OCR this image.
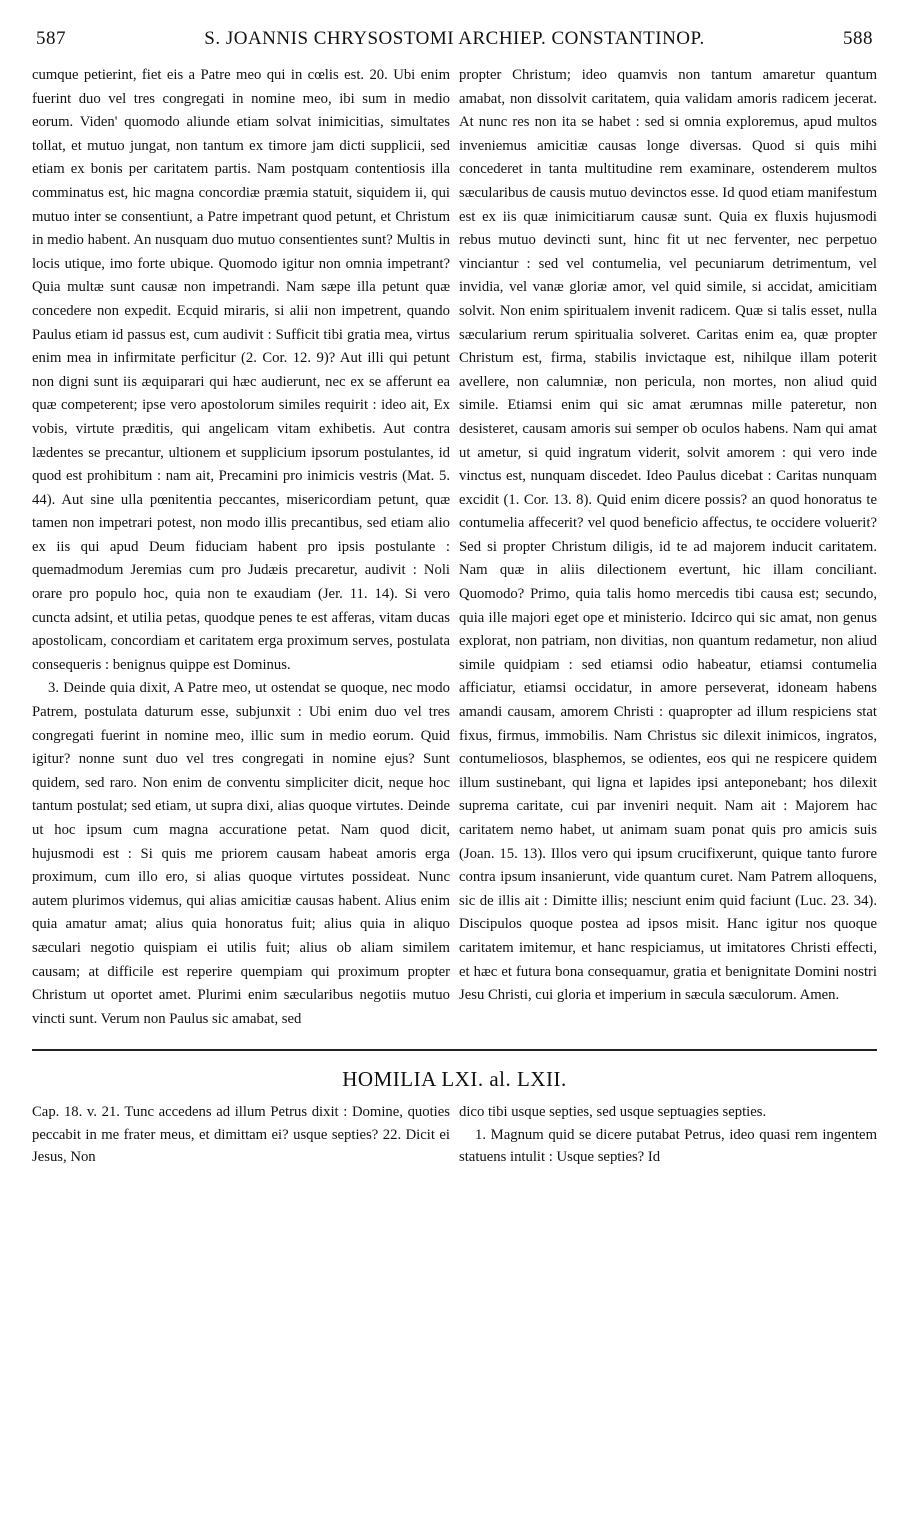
587	S. JOANNIS CHRYSOSTOMI ARCHIEP. CONSTANTINOP.	588

cumque petierint, fiet eis a Patre meo qui in cœlis est. 20. Ubi enim fuerint duo vel tres congregati in nomine meo, ibi sum in medio eorum. Viden' quomodo aliunde etiam solvat inimicitias, simultates tollat, et mutuo jungat, non tantum ex timore jam dicti supplicii, sed etiam ex bonis per caritatem partis. Nam postquam contentiosis illa comminatus est, hic magna concordiæ præmia statuit, siquidem ii, qui mutuo inter se consentiunt, a Patre impetrant quod petunt, et Christum in medio habent. An nusquam duo mutuo consentientes sunt? Multis in locis utique, imo forte ubique. Quomodo igitur non omnia impetrant? Quia multæ sunt causæ non impetrandi. Nam sæpe illa petunt quæ concedere non expedit. Ecquid miraris, si alii non impetrent, quando Paulus etiam id passus est, cum audivit : Sufficit tibi gratia mea, virtus enim mea in infirmitate perficitur (2. Cor. 12. 9)? Aut illi qui petunt non digni sunt iis æquiparari qui hæc audierunt, nec ex se afferunt ea quæ competerent; ipse vero apostolorum similes requirit : ideo ait, Ex vobis, virtute præditis, qui angelicam vitam exhibetis. Aut contra lædentes se precantur, ultionem et supplicium ipsorum postulantes, id quod est prohibitum : nam ait, Precamini pro inimicis vestris (Mat. 5. 44). Aut sine ulla pœnitentia peccantes, misericordiam petunt, quæ tamen non impetrari potest, non modo illis precantibus, sed etiam alio ex iis qui apud Deum fiduciam habent pro ipsis postulante : quemadmodum Jeremias cum pro Judæis precaretur, audivit : Noli orare pro populo hoc, quia non te exaudiam (Jer. 11. 14). Si vero cuncta adsint, et utilia petas, quodque penes te est afferas, vitam ducas apostolicam, concordiam et caritatem erga proximum serves, postulata consequeris : benignus quippe est Dominus.

3. Deinde quia dixit, A Patre meo, ut ostendat se quoque, nec modo Patrem, postulata daturum esse, subjunxit : Ubi enim duo vel tres congregati fuerint in nomine meo, illic sum in medio eorum. Quid igitur? nonne sunt duo vel tres congregati in nomine ejus? Sunt quidem, sed raro. Non enim de conventu simpliciter dicit, neque hoc tantum postulat; sed etiam, ut supra dixi, alias quoque virtutes. Deinde ut hoc ipsum cum magna accuratione petat. Nam quod dicit, hujusmodi est : Si quis me priorem causam habeat amoris erga proximum, cum illo ero, si alias quoque virtutes possideat. Nunc autem plurimos videmus, qui alias amicitiæ causas habent. Alius enim quia amatur amat; alius quia honoratus fuit; alius quia in aliquo sæculari negotio quispiam ei utilis fuit; alius ob aliam similem causam; at difficile est reperire quempiam qui proximum propter Christum ut oportet amet. Plurimi enim sæcularibus negotiis mutuo vincti sunt. Verum non Paulus sic amabat, sed

propter Christum; ideo quamvis non tantum amaretur quantum amabat, non dissolvit caritatem, quia validam amoris radicem jecerat. At nunc res non ita se habet : sed si omnia exploremus, apud multos inveniemus amicitiæ causas longe diversas. Quod si quis mihi concederet in tanta multitudine rem examinare, ostenderem multos sæcularibus de causis mutuo devinctos esse. Id quod etiam manifestum est ex iis quæ inimicitiarum causæ sunt. Quia ex fluxis hujusmodi rebus mutuo devincti sunt, hinc fit ut nec ferventer, nec perpetuo vinciantur : sed vel contumelia, vel pecuniarum detrimentum, vel invidia, vel vanæ gloriæ amor, vel quid simile, si accidat, amicitiam solvit. Non enim spiritualem invenit radicem. Quæ si talis esset, nulla sæcularium rerum spiritualia solveret. Caritas enim ea, quæ propter Christum est, firma, stabilis invictaque est, nihilque illam poterit avellere, non calumniæ, non pericula, non mortes, non aliud quid simile. Etiamsi enim qui sic amat ærumnas mille pateretur, non desisteret, causam amoris sui semper ob oculos habens. Nam qui amat ut ametur, si quid ingratum viderit, solvit amorem : qui vero inde vinctus est, nunquam discedet. Ideo Paulus dicebat : Caritas nunquam excidit (1. Cor. 13. 8). Quid enim dicere possis? an quod honoratus te contumelia affecerit? vel quod beneficio affectus, te occidere voluerit? Sed si propter Christum diligis, id te ad majorem inducit caritatem. Nam quæ in aliis dilectionem evertunt, hic illam conciliant. Quomodo? Primo, quia talis homo mercedis tibi causa est; secundo, quia ille majori eget ope et ministerio. Idcirco qui sic amat, non genus explorat, non patriam, non divitias, non quantum redametur, non aliud simile quidpiam : sed etiamsi odio habeatur, etiamsi contumelia afficiatur, etiamsi occidatur, in amore perseverat, idoneam habens amandi causam, amorem Christi : quapropter ad illum respiciens stat fixus, firmus, immobilis. Nam Christus sic dilexit inimicos, ingratos, contumeliosos, blasphemos, se odientes, eos qui ne respicere quidem illum sustinebant, qui ligna et lapides ipsi anteponebant; hos dilexit suprema caritate, cui par inveniri nequit. Nam ait : Majorem hac caritatem nemo habet, ut animam suam ponat quis pro amicis suis (Joan. 15. 13). Illos vero qui ipsum crucifixerunt, quique tanto furore contra ipsum insanierunt, vide quantum curet. Nam Patrem alloquens, sic de illis ait : Dimitte illis; nesciunt enim quid faciunt (Luc. 23. 34). Discipulos quoque postea ad ipsos misit. Hanc igitur nos quoque caritatem imitemur, et hanc respiciamus, ut imitatores Christi effecti, et hæc et futura bona consequamur, gratia et benignitate Domini nostri Jesu Christi, cui gloria et imperium in sæcula sæculorum. Amen.

HOMILIA LXI. al. LXII.

Cap. 18. v. 21. Tunc accedens ad illum Petrus dixit : Domine, quoties peccabit in me frater meus, et dimittam ei? usque septies? 22. Dicit ei Jesus, Non

dico tibi usque septies, sed usque septuagies septies.

1. Magnum quid se dicere putabat Petrus, ideo quasi rem ingentem statuens intulit : Usque septies? Id
